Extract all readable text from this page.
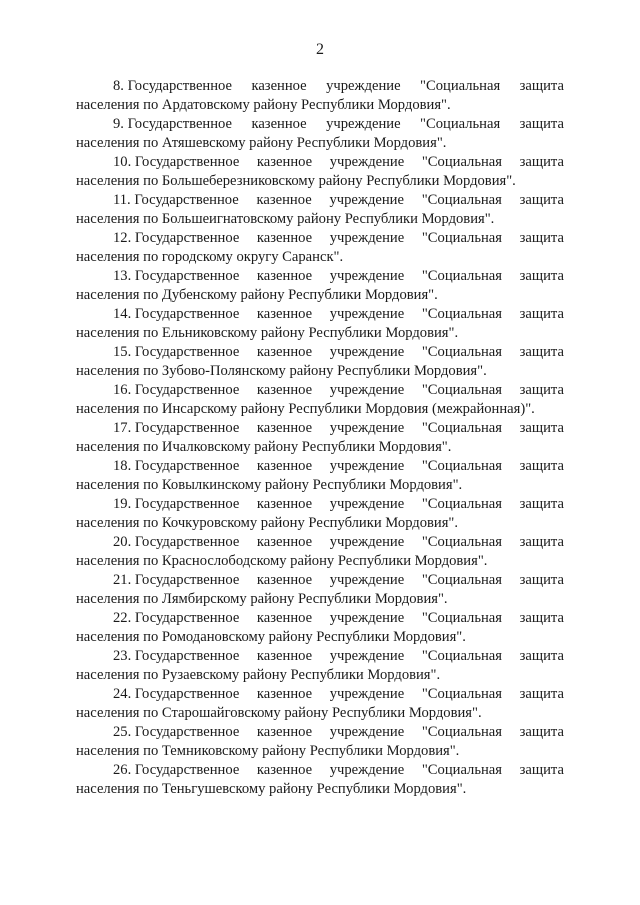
2
8. Государственное казенное учреждение "Социальная защита
населения по Ардатовскому району Республики Мордовия".
9. Государственное казенное учреждение "Социальная защита
населения по Атяшевскому району Республики Мордовия".
10. Государственное казенное учреждение "Социальная защита
населения по Большеберезниковскому району Республики Мордовия".
11. Государственное казенное учреждение "Социальная защита
населения по Большеигнатовскому району Республики Мордовия".
12. Государственное казенное учреждение "Социальная защита
населения по городскому округу Саранск".
13. Государственное казенное учреждение "Социальная защита
населения по Дубенскому району Республики Мордовия".
14. Государственное казенное учреждение "Социальная защита
населения по Ельниковскому району Республики Мордовия".
15. Государственное казенное учреждение "Социальная защита
населения по Зубово-Полянскому району Республики Мордовия".
16. Государственное казенное учреждение "Социальная защита
населения по Инсарскому району Республики Мордовия (межрайонная)".
17. Государственное казенное учреждение "Социальная защита
населения по Ичалковскому району Республики Мордовия".
18. Государственное казенное учреждение "Социальная защита
населения по Ковылкинскому району Республики Мордовия".
19. Государственное казенное учреждение "Социальная защита
населения по Кочкуровскому району Республики Мордовия".
20. Государственное казенное учреждение "Социальная защита
населения по Краснослободскому району Республики Мордовия".
21. Государственное казенное учреждение "Социальная защита
населения по Лямбирскому району Республики Мордовия".
22. Государственное казенное учреждение "Социальная защита
населения по Ромодановскому району Республики Мордовия".
23. Государственное казенное учреждение "Социальная защита
населения по Рузаевскому району Республики Мордовия".
24. Государственное казенное учреждение "Социальная защита
населения по Старошайговскому району Республики Мордовия".
25. Государственное казенное учреждение "Социальная защита
населения по Темниковскому району Республики Мордовия".
26. Государственное казенное учреждение "Социальная защита
населения по Теньгушевскому району Республики Мордовия".
